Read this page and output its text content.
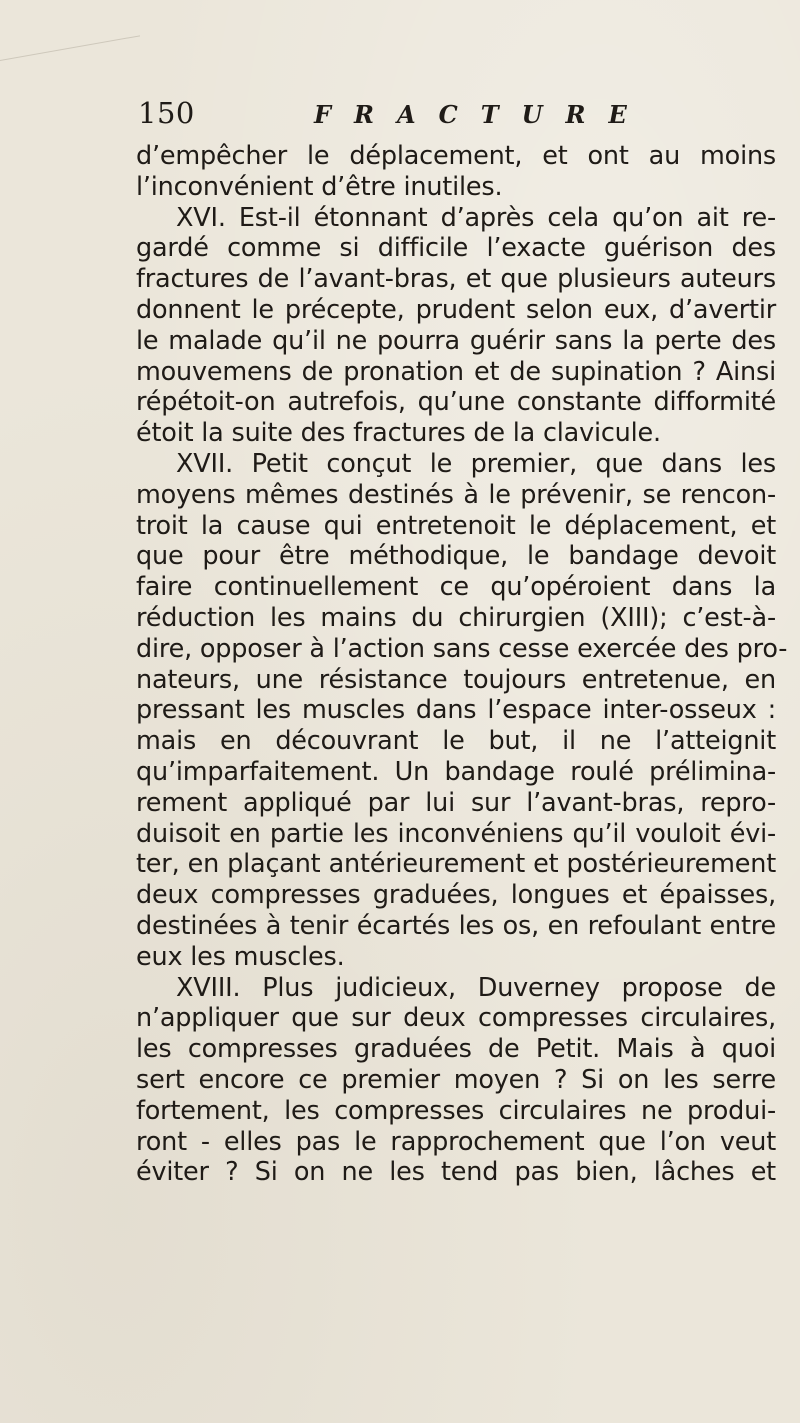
150	FRACTURE
d’empêcher le déplacement, et ont au moins
l’inconvénient d’être inutiles.
XVI. Est-il étonnant d’après cela qu’on ait re-
gardé comme si difficile l’exacte guérison des
fractures de l’avant-bras, et que plusieurs auteurs
donnent le précepte, prudent selon eux, d’avertir
le malade qu’il ne pourra guérir sans la perte des
mouvemens de pronation et de supination ? Ainsi
répétoit-on autrefois, qu’une constante difformité
étoit la suite des fractures de la clavicule.
XVII. Petit conçut le premier, que dans les
moyens mêmes destinés à le prévenir, se rencon-
troit la cause qui entretenoit le déplacement, et
que pour être méthodique, le bandage devoit
faire continuellement ce qu’opéroient dans la
réduction les mains du chirurgien (XIII); c’est-à-
dire, opposer à l’action sans cesse exercée des pro-
nateurs, une résistance toujours entretenue, en
pressant les muscles dans l’espace inter-osseux :
mais en découvrant le but, il ne l’atteignit
qu’imparfaitement. Un bandage roulé prélimina-
rement appliqué par lui sur l’avant-bras, repro-
duisoit en partie les inconvéniens qu’il vouloit évi-
ter, en plaçant antérieurement et postérieurement
deux compresses graduées, longues et épaisses,
destinées à tenir écartés les os, en refoulant entre
eux les muscles.
XVIII. Plus judicieux, Duverney propose de
n’appliquer que sur deux compresses circulaires,
les compresses graduées de Petit. Mais à quoi
sert encore ce premier moyen ? Si on les serre
fortement, les compresses circulaires ne produi-
ront - elles pas le rapprochement que l’on veut
éviter ? Si on ne les tend pas bien, lâches et
